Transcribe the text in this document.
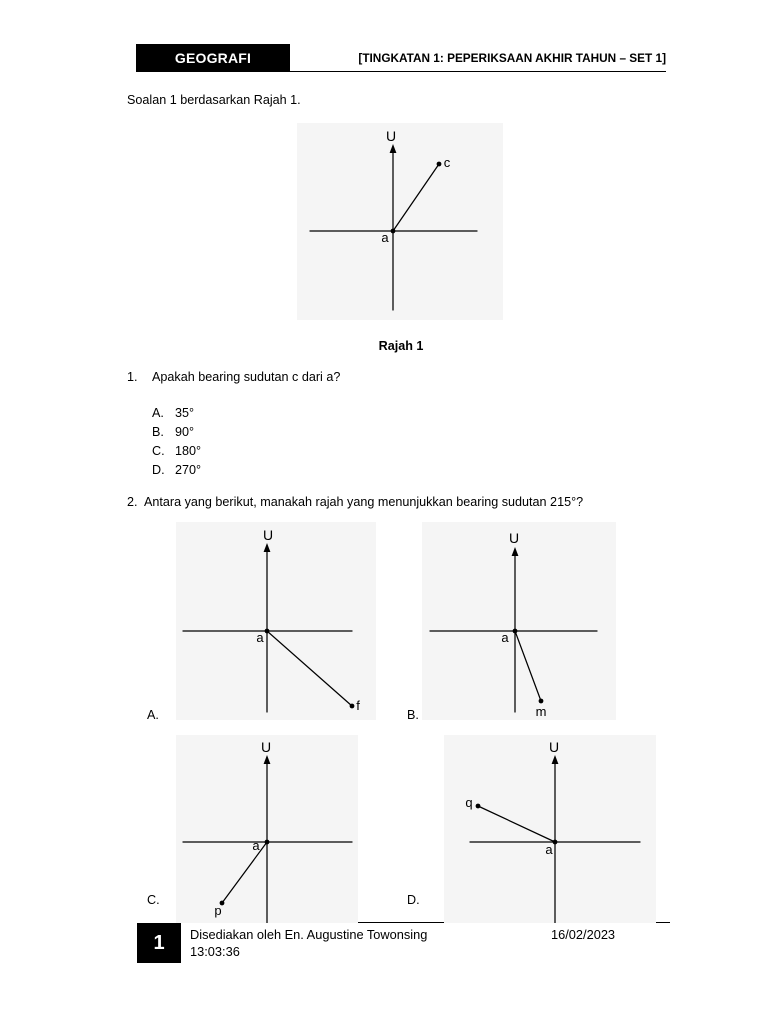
GEOGRAFI	[TINGKATAN 1: PEPERIKSAAN AKHIR TAHUN – SET 1]
Soalan 1 berdasarkan Rajah 1.
U
a
c
Rajah 1
1. Apakah bearing sudutan c dari a?
A. 35°
B. 90°
C. 180°
D. 270°
2. Antara yang berikut, manakah rajah yang menunjukkan bearing sudutan 215°?
U
a
f
A.
U
a
m
B.
U
a
p
C.
U
a
q
D.
1 Disediakan oleh En. Augustine Towonsing	16/02/2023
13:03:36
